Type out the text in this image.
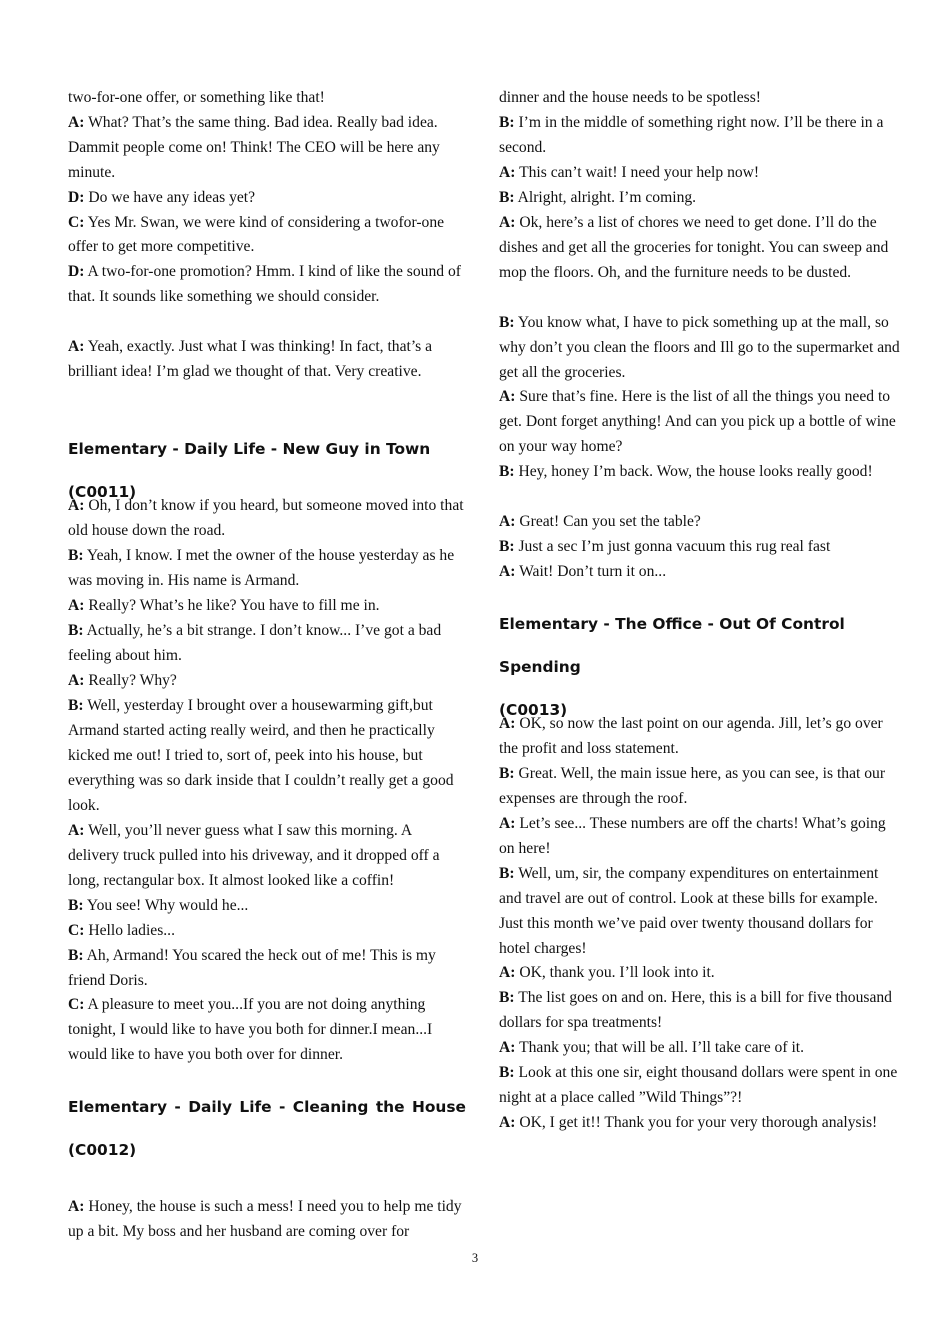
two-for-one offer, or something like that!

A: What? That’s the same thing. Bad idea. Really bad idea. Dammit people come on! Think! The CEO will be here any minute.

D: Do we have any ideas yet?

C: Yes Mr. Swan, we were kind of considering a twofor-one offer to get more competitive.

D: A two-for-one promotion? Hmm. I kind of like the sound of that. It sounds like something we should consider.

A: Yeah, exactly. Just what I was thinking! In fact, that’s a brilliant idea! I’m glad we thought of that. Very creative.

Elementary - Daily Life - New Guy in Town (C0011)

A: Oh, I don’t know if you heard, but someone moved into that old house down the road.

B: Yeah, I know. I met the owner of the house yesterday as he was moving in. His name is Armand.

A: Really? What’s he like? You have to fill me in.

B: Actually, he’s a bit strange. I don’t know... I’ve got a bad feeling about him.

A: Really? Why?

B: Well, yesterday I brought over a housewarming gift,but Armand started acting really weird, and then he practically kicked me out! I tried to, sort of, peek into his house, but everything was so dark inside that I couldn’t really get a good look.

A: Well, you’ll never guess what I saw this morning. A delivery truck pulled into his driveway, and it dropped off a long, rectangular box. It almost looked like a coffin!

B: You see! Why would he...

C: Hello ladies...

B: Ah, Armand! You scared the heck out of me! This is my friend Doris.

C: A pleasure to meet you...If you are not doing anything tonight, I would like to have you both for dinner.I mean...I would like to have you both over for dinner.

Elementary - Daily Life - Cleaning the House
(C0012)

A: Honey, the house is such a mess! I need you to help me tidy up a bit. My boss and her husband are coming over for

dinner and the house needs to be spotless!

B: I’m in the middle of something right now. I’ll be there in a second.

A: This can’t wait! I need your help now!

B: Alright, alright. I’m coming.

A: Ok, here’s a list of chores we need to get done. I’ll do the dishes and get all the groceries for tonight. You can sweep and mop the floors. Oh, and the furniture needs to be dusted.

B: You know what, I have to pick something up at the mall, so why don’t you clean the floors and Ill go to the supermarket and get all the groceries.

A: Sure that’s fine. Here is the list of all the things you need to get. Dont forget anything! And can you pick up a bottle of wine on your way home?

B: Hey, honey I’m back. Wow, the house looks really good!

A: Great! Can you set the table?

B: Just a sec I’m just gonna vacuum this rug real fast

A: Wait! Don’t turn it on...

Elementary - The Office - Out Of Control Spending
(C0013)

A: OK, so now the last point on our agenda. Jill, let’s go over the profit and loss statement.

B: Great. Well, the main issue here, as you can see, is that our expenses are through the roof.

A: Let’s see... These numbers are off the charts! What’s going on here!

B: Well, um, sir, the company expenditures on entertainment and travel are out of control. Look at these bills for example. Just this month we’ve paid over twenty thousand dollars for hotel charges!

A: OK, thank you. I’ll look into it.

B: The list goes on and on. Here, this is a bill for five thousand dollars for spa treatments!

A: Thank you; that will be all. I’ll take care of it.

B: Look at this one sir, eight thousand dollars were spent in one night at a place called ”Wild Things”?!

A: OK, I get it!! Thank you for your very thorough analysis!

3
